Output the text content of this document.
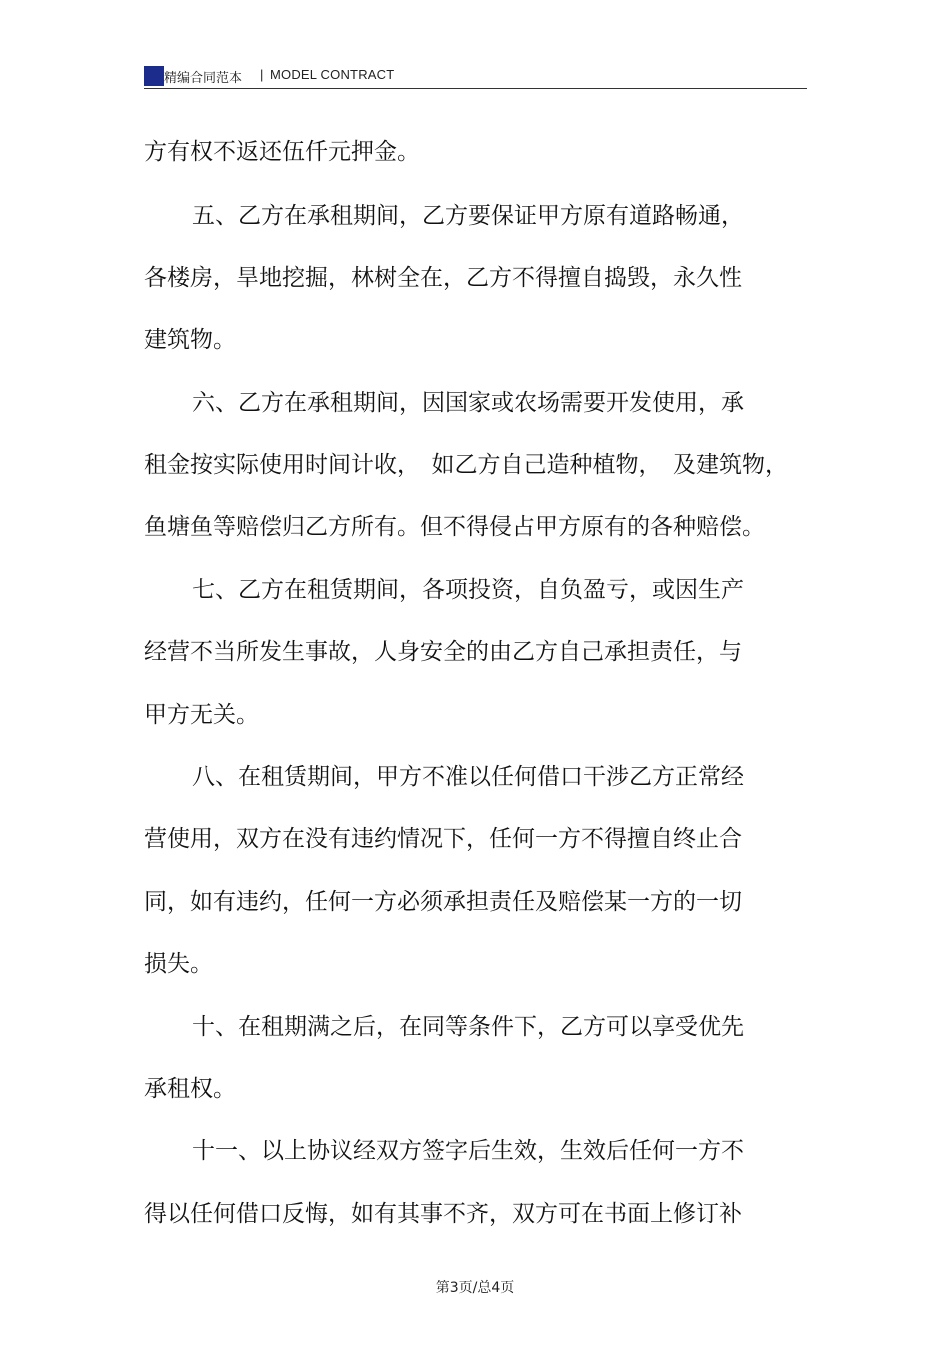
精编合同范本 | MODEL CONTRACT
方有权不返还伍仟元押金。
五、乙方在承租期间，乙方要保证甲方原有道路畅通，
各楼房，旱地挖掘，林树全在，乙方不得擅自捣毁，永久性
建筑物。
六、乙方在承租期间，因国家或农场需要开发使用，承
租金按实际使用时间计收，　如乙方自己造种植物，　及建筑物，
鱼塘鱼等赔偿归乙方所有。但不得侵占甲方原有的各种赔偿。
七、乙方在租赁期间，各项投资，自负盈亏，或因生产
经营不当所发生事故，人身安全的由乙方自己承担责任，与
甲方无关。
八、在租赁期间，甲方不准以任何借口干涉乙方正常经
营使用，双方在没有违约情况下，任何一方不得擅自终止合
同，如有违约，任何一方必须承担责任及赔偿某一方的一切
损失。
十、在租期满之后，在同等条件下，乙方可以享受优先
承租权。
十一、以上协议经双方签字后生效，生效后任何一方不
得以任何借口反悔，如有其事不齐，双方可在书面上修订补
第3页/总4页
